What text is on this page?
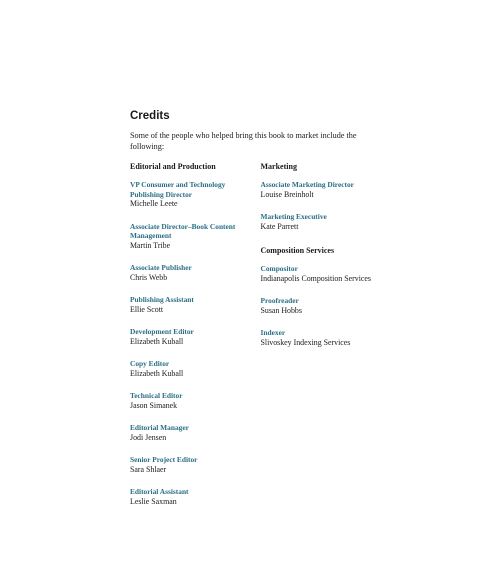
Credits
Some of the people who helped bring this book to market include the following:
Editorial and Production
VP Consumer and Technology Publishing Director
Michelle Leete
Associate Director–Book Content Management
Martin Tribe
Associate Publisher
Chris Webb
Publishing Assistant
Ellie Scott
Development Editor
Elizabeth Kuball
Copy Editor
Elizabeth Kuball
Technical Editor
Jason Simanek
Editorial Manager
Jodi Jensen
Senior Project Editor
Sara Shlaer
Editorial Assistant
Leslie Saxman
Marketing
Associate Marketing Director
Louise Breinholt
Marketing Executive
Kate Parrett
Composition Services
Compositor
Indianapolis Composition Services
Proofreader
Susan Hobbs
Indexer
Slivoskey Indexing Services
